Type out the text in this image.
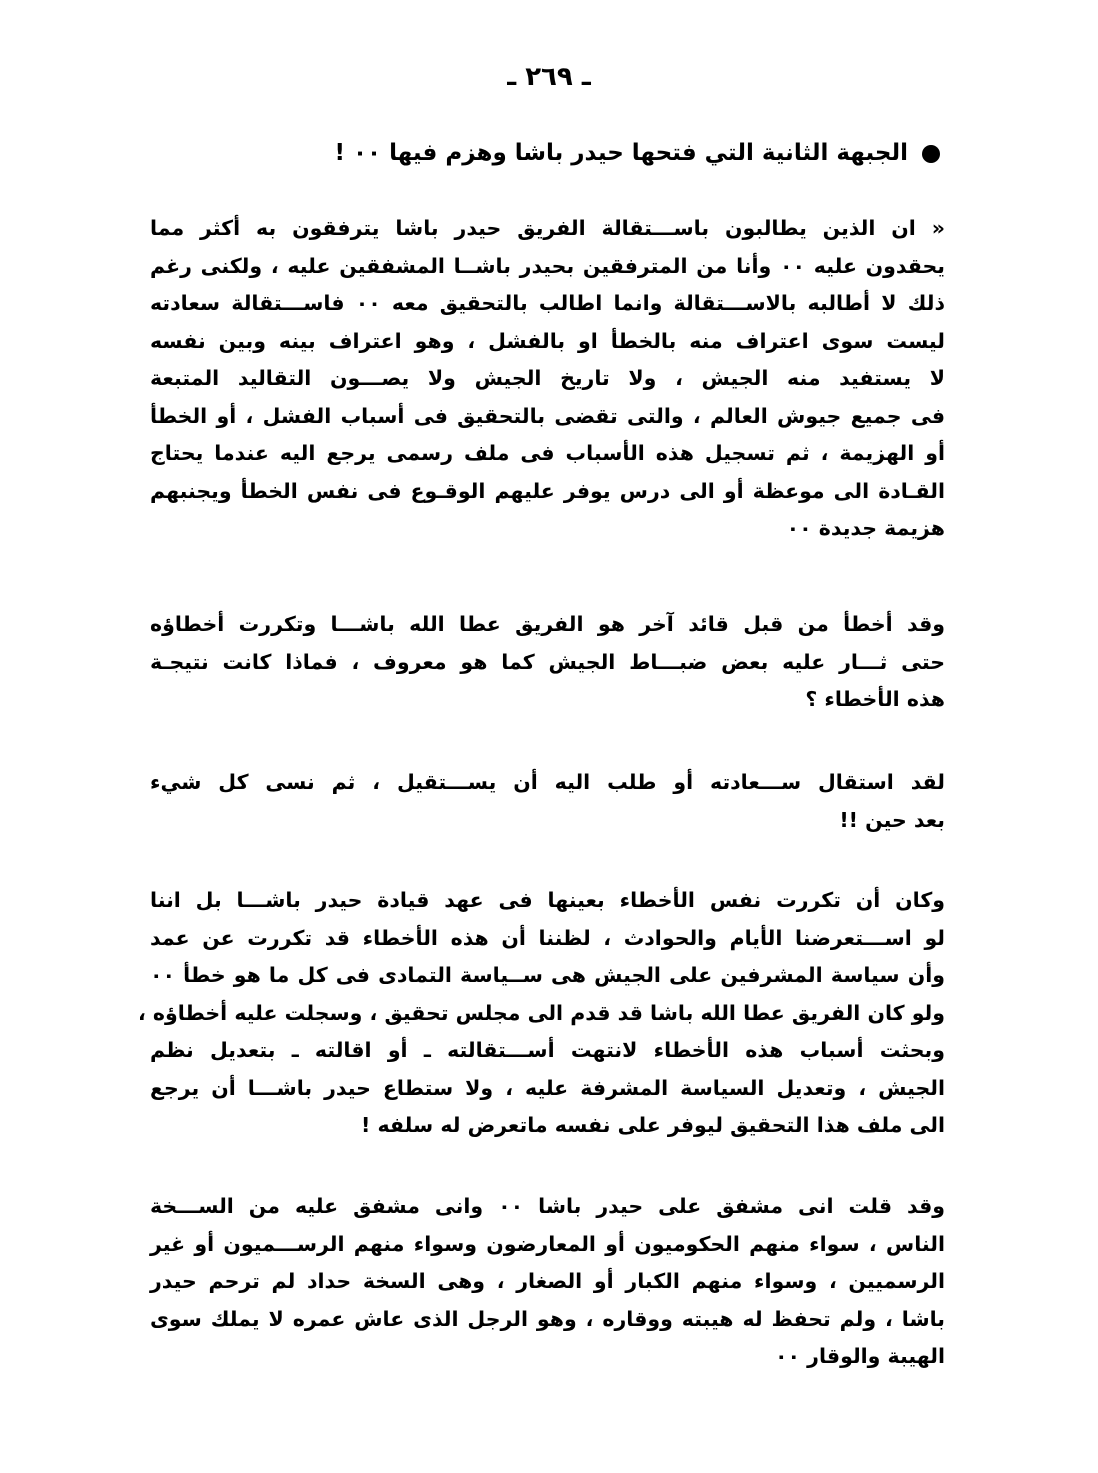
ـ ٢٦٩ ـ
الجبهة الثانية التي فتحها حيدر باشا وهزم فيها ٠٠ !
« ان الذين يطالبون باســـتقالة الفريق حيدر باشا يترفقون به أكثر مما
يحقدون عليه ٠٠ وأنا من المترفقين بحيدر باشــا المشفقين عليه ، ولكنى رغم
ذلك لا أطالبه بالاســـتقالة وانما اطالب بالتحقيق معه ٠٠ فاســـتقالة سعادته
ليست سوى اعتراف منه بالخطأ او بالفشل ، وهو اعتراف بينه وبين نفسه
لا يستفيد منه الجيش ، ولا تاريخ الجيش ولا يصـــون التقاليد المتبعة
فى جميع جيوش العالم ، والتى تقضى بالتحقيق فى أسباب الفشل ، أو الخطأ
أو الهزيمة ، ثم تسجيل هذه الأسباب فى ملف رسمى يرجع اليه عندما يحتاج
القـادة الى موعظة أو الى درس يوفر عليهم الوقـوع فى نفس الخطأ ويجنبهم
هزيمة جديدة ٠٠
وقد أخطأ من قبل قائد آخر هو الفريق عطا الله باشـــا وتكررت أخطاؤه
حتى ثـــار عليه بعض ضبـــاط الجيش كما هو معروف ، فماذا كانت نتيجـة
هذه الأخطاء ؟
لقد استقال ســـعادته أو طلب اليه أن يســـتقيل ، ثم نسى كل شيء
بعد حين !!
وكان أن تكررت نفس الأخطاء بعينها فى عهد قيادة حيدر باشـــا بل اننا
لو اســـتعرضنا الأيام والحوادث ، لظننا أن هذه الأخطاء قد تكررت عن عمد
وأن سياسة المشرفين على الجيش هى ســياسة التمادى فى كل ما هو خطأ ٠٠
ولو كان الفريق عطا الله باشا قد قدم الى مجلس تحقيق ، وسجلت عليه أخطاؤه ،
وبحثت أسباب هذه الأخطاء لانتهت أســـتقالته ـ أو اقالته ـ بتعديل نظم
الجيش ، وتعديل السياسة المشرفة عليه ، ولا ستطاع حيدر باشـــا أن يرجع
الى ملف هذا التحقيق ليوفر على نفسه ماتعرض له سلفه !
وقد قلت انى مشفق على حيدر باشا ٠٠ وانى مشفق عليه من الســـخة
الناس ، سواء منهم الحكوميون أو المعارضون وسواء منهم الرســـميون أو غير
الرسميين ، وسواء منهم الكبار أو الصغار ، وهى السخة حداد لم ترحم حيدر
باشا ، ولم تحفظ له هيبته ووقاره ، وهو الرجل الذى عاش عمره لا يملك سوى
الهيبة والوقار ٠٠
